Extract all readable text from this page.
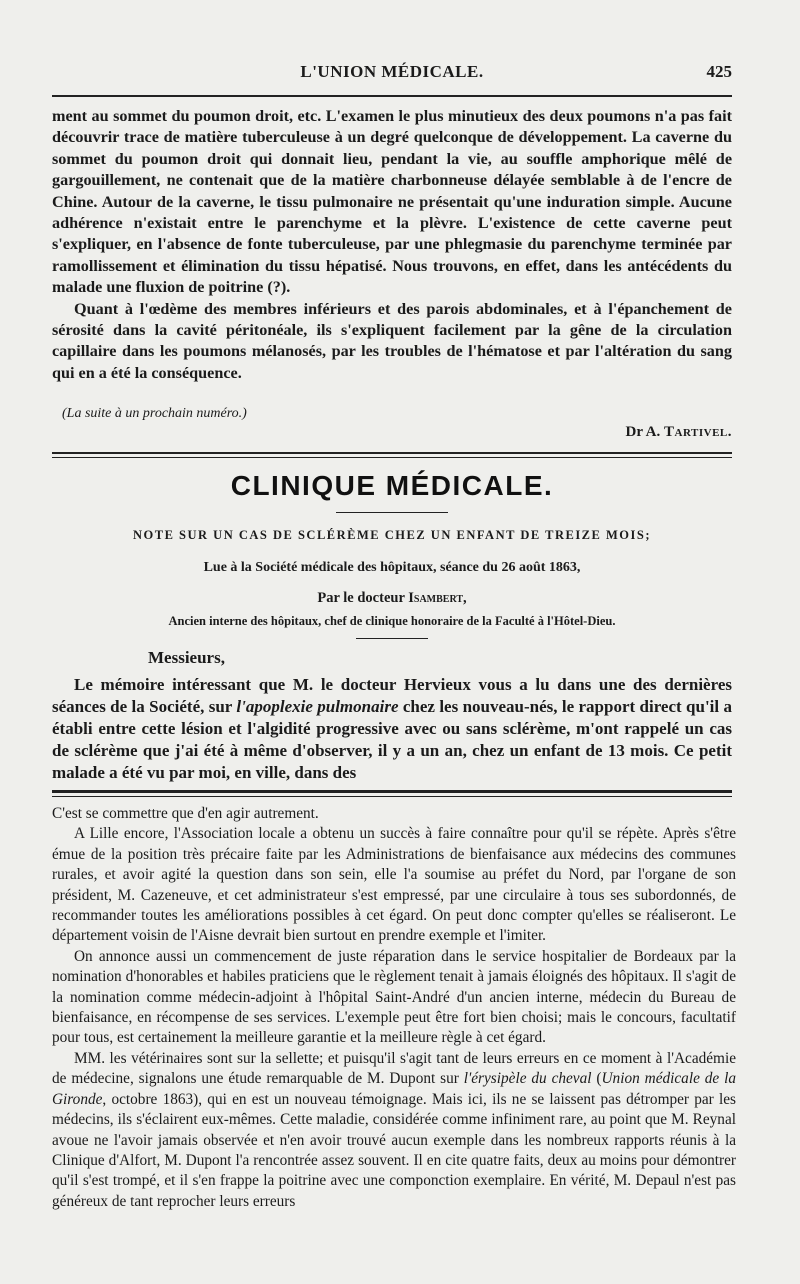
L'UNION MÉDICALE.	425

ment au sommet du poumon droit, etc. L'examen le plus minutieux des deux poumons n'a pas fait découvrir trace de matière tuberculeuse à un degré quelconque de développement. La caverne du sommet du poumon droit qui donnait lieu, pendant la vie, au souffle amphorique mêlé de gargouillement, ne contenait que de la matière charbonneuse délayée semblable à de l'encre de Chine. Autour de la caverne, le tissu pulmonaire ne présentait qu'une induration simple. Aucune adhérence n'existait entre le parenchyme et la plèvre. L'existence de cette caverne peut s'expliquer, en l'absence de fonte tuberculeuse, par une phlegmasie du parenchyme terminée par ramollissement et élimination du tissu hépatisé. Nous trouvons, en effet, dans les antécédents du malade une fluxion de poitrine (?).

Quant à l'œdème des membres inférieurs et des parois abdominales, et à l'épanchement de sérosité dans la cavité péritonéale, ils s'expliquent facilement par la gêne de la circulation capillaire dans les poumons mélanosés, par les troubles de l'hématose et par l'altération du sang qui en a été la conséquence.

(La suite à un prochain numéro.)
Dr A. Tartivel.
CLINIQUE MÉDICALE.
NOTE SUR UN CAS DE SCLÉRÈME CHEZ UN ENFANT DE TREIZE MOIS;
Lue à la Société médicale des hôpitaux, séance du 26 août 1863,
Par le docteur Isambert,
Ancien interne des hôpitaux, chef de clinique honoraire de la Faculté à l'Hôtel-Dieu.
Messieurs,
Le mémoire intéressant que M. le docteur Hervieux vous a lu dans une des dernières séances de la Société, sur l'apoplexie pulmonaire chez les nouveau-nés, le rapport direct qu'il a établi entre cette lésion et l'algidité progressive avec ou sans sclérème, m'ont rappelé un cas de sclérème que j'ai été à même d'observer, il y a un an, chez un enfant de 13 mois. Ce petit malade a été vu par moi, en ville, dans des

C'est se commettre que d'en agir autrement.

A Lille encore, l'Association locale a obtenu un succès à faire connaître pour qu'il se répète. Après s'être émue de la position très précaire faite par les Administrations de bienfaisance aux médecins des communes rurales, et avoir agité la question dans son sein, elle l'a soumise au préfet du Nord, par l'organe de son président, M. Cazeneuve, et cet administrateur s'est empressé, par une circulaire à tous ses subordonnés, de recommander toutes les améliorations possibles à cet égard. On peut donc compter qu'elles se réaliseront. Le département voisin de l'Aisne devrait bien surtout en prendre exemple et l'imiter.

On annonce aussi un commencement de juste réparation dans le service hospitalier de Bordeaux par la nomination d'honorables et habiles praticiens que le règlement tenait à jamais éloignés des hôpitaux. Il s'agit de la nomination comme médecin-adjoint à l'hôpital Saint-André d'un ancien interne, médecin du Bureau de bienfaisance, en récompense de ses services. L'exemple peut être fort bien choisi; mais le concours, facultatif pour tous, est certainement la meilleure garantie et la meilleure règle à cet égard.

MM. les vétérinaires sont sur la sellette; et puisqu'il s'agit tant de leurs erreurs en ce moment à l'Académie de médecine, signalons une étude remarquable de M. Dupont sur l'érysipèle du cheval (Union médicale de la Gironde, octobre 1863), qui en est un nouveau témoignage. Mais ici, ils ne se laissent pas détromper par les médecins, ils s'éclairent eux-mêmes. Cette maladie, considérée comme infiniment rare, au point que M. Reynal avoue ne l'avoir jamais observée et n'en avoir trouvé aucun exemple dans les nombreux rapports réunis à la Clinique d'Alfort, M. Dupont l'a rencontrée assez souvent. Il en cite quatre faits, deux au moins pour démontrer qu'il s'est trompé, et il s'en frappe la poitrine avec une componction exemplaire. En vérité, M. Depaul n'est pas généreux de tant reprocher leurs erreurs
